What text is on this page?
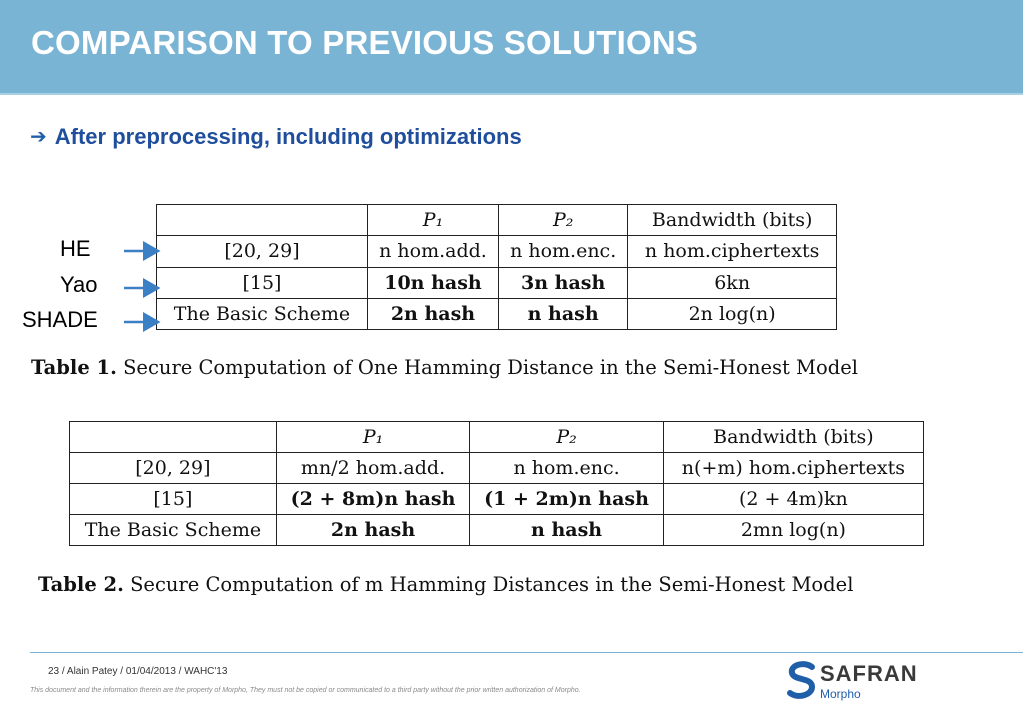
COMPARISON TO PREVIOUS SOLUTIONS
➔ After preprocessing, including optimizations
	P₁	P₂	Bandwidth (bits)
[20, 29]	n hom.add.	n hom.enc.	n hom.ciphertexts
[15]	10n hash	3n hash	6kn
The Basic Scheme	2n hash	n hash	2n log(n)
Table 1. Secure Computation of One Hamming Distance in the Semi-Honest Model
HE
Yao
SHADE
	P₁	P₂	Bandwidth (bits)
[20, 29]	mn/2 hom.add.	n hom.enc.	n(+m) hom.ciphertexts
[15]	(2 + 8m)n hash	(1 + 2m)n hash	(2 + 4m)kn
The Basic Scheme	2n hash	n hash	2mn log(n)
Table 2. Secure Computation of m Hamming Distances in the Semi-Honest Model
23 / Alain Patey / 01/04/2013 / WAHC'13
This document and the information therein are the property of Morpho, They must not be copied or communicated to a third party without the prior written authorization of Morpho.
SAFRAN
Morpho
